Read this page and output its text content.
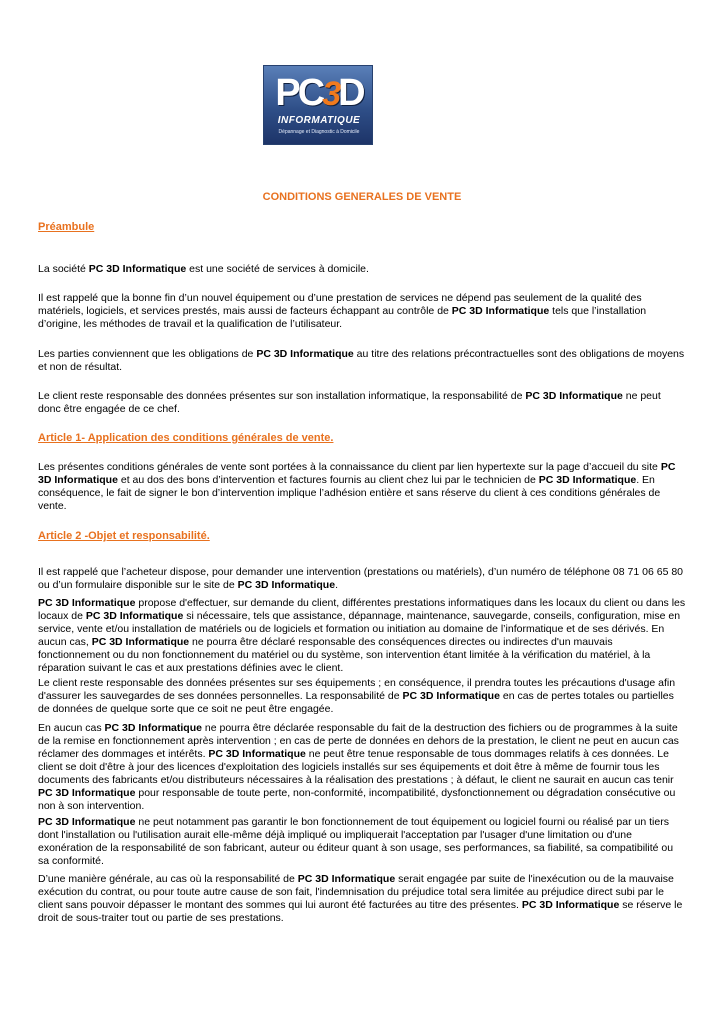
PC3D
INFORMATIQUE
Dépannage et Diagnostic à Domicile
CONDITIONS GENERALES DE VENTE
Préambule
La société PC 3D Informatique est une société de services à domicile.
Il est rappelé que la bonne fin d’un nouvel équipement ou d’une prestation de services ne dépend pas seulement de la qualité des matériels, logiciels, et services prestés, mais aussi de facteurs échappant au contrôle de PC 3D Informatique tels que l’installation d’origine, les méthodes de travail et la qualification de l’utilisateur.
Les parties conviennent que les obligations de PC 3D Informatique au titre des relations précontractuelles sont des obligations de moyens et non de résultat.
Le client reste responsable des données présentes sur son installation informatique, la responsabilité de PC 3D Informatique ne peut donc être engagée de ce chef.
Article 1- Application des conditions générales de vente.
Les présentes conditions générales de vente sont portées à la connaissance du client par lien hypertexte sur la page d’accueil du site PC 3D Informatique et au dos des bons d’intervention et factures fournis au client chez lui par le technicien de PC 3D Informatique. En conséquence, le fait de signer le bon d’intervention implique l’adhésion entière et sans réserve du client à ces conditions générales de vente.
Article 2 -Objet et responsabilité.
Il est rappelé que l’acheteur dispose, pour demander une intervention (prestations ou matériels), d’un numéro de téléphone 08 71 06 65 80 ou d’un formulaire disponible sur le site de PC 3D Informatique.
PC 3D Informatique propose d'effectuer, sur demande du client, différentes prestations informatiques dans les locaux du client ou dans les locaux de PC 3D Informatique si nécessaire, tels que assistance, dépannage, maintenance, sauvegarde, conseils, configuration, mise en service, vente et/ou installation de matériels ou de logiciels et formation ou initiation au domaine de l’informatique et de ses dérivés. En aucun cas, PC 3D Informatique ne pourra être déclaré responsable des conséquences directes ou indirectes d'un mauvais fonctionnement ou du non fonctionnement du matériel ou du système, son intervention étant limitée à la vérification du matériel, à la réparation suivant le cas et aux prestations définies avec le client.
Le client reste responsable des données présentes sur ses équipements ; en conséquence, il prendra toutes les précautions d'usage afin d'assurer les sauvegardes de ses données personnelles. La responsabilité de PC 3D Informatique en cas de pertes totales ou partielles de données de quelque sorte que ce soit ne peut être engagée.
En aucun cas PC 3D Informatique ne pourra être déclarée responsable du fait de la destruction des fichiers ou de programmes à la suite de la remise en fonctionnement après intervention ; en cas de perte de données en dehors de la prestation, le client ne peut en aucun cas réclamer des dommages et intérêts. PC 3D Informatique ne peut être tenue responsable de tous dommages relatifs à ces données. Le client se doit d'être à jour des licences d'exploitation des logiciels installés sur ses équipements et doit être à même de fournir tous les documents des fabricants et/ou distributeurs nécessaires à la réalisation des prestations ; à défaut, le client ne saurait en aucun cas tenir PC 3D Informatique pour responsable de toute perte, non-conformité, incompatibilité, dysfonctionnement ou dégradation consécutive ou non à son intervention.
PC 3D Informatique ne peut notamment pas garantir le bon fonctionnement de tout équipement ou logiciel fourni ou réalisé par un tiers dont l'installation ou l'utilisation aurait elle-même déjà impliqué ou impliquerait l'acceptation par l'usager d'une limitation ou d'une exonération de la responsabilité de son fabricant, auteur ou éditeur quant à son usage, ses performances, sa fiabilité, sa compatibilité ou sa conformité.
D’une manière générale, au cas où la responsabilité de PC 3D Informatique serait engagée par suite de l'inexécution ou de la mauvaise exécution du contrat, ou pour toute autre cause de son fait, l'indemnisation du préjudice total sera limitée au préjudice direct subi par le client sans pouvoir dépasser le montant des sommes qui lui auront été facturées au titre des présentes. PC 3D Informatique se réserve le droit de sous-traiter tout ou partie de ses prestations.
